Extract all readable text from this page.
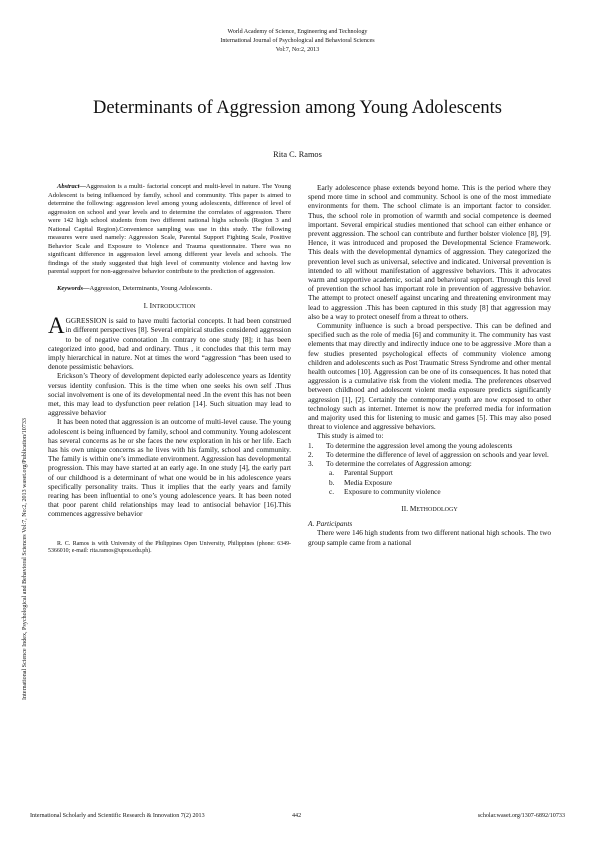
World Academy of Science, Engineering and Technology
International Journal of Psychological and Behavioral Sciences
Vol:7, No:2, 2013
Determinants of Aggression among Young Adolescents
Rita C. Ramos
International Science Index, Psychological and Behavioral Sciences Vol:7, No:2, 2013 waset.org/Publication/10733

Abstract—Aggression is a multi- factorial concept and multi-level in nature. The Young Adolescent is being influenced by family, school and community. This paper is aimed to determine the following: aggression level among young adolescents, difference of level of aggression on school and year levels and to determine the correlates of aggression. There were 142 high school students from two different national highs schools (Region 3 and National Capital Region).Convenience sampling was use in this study. The following measures were used namely: Aggression Scale, Parental Support Fighting Scale, Positive Behavior Scale and Exposure to Violence and Trauma questionnaire. There was no significant difference in aggression level among different year levels and schools. The findings of the study suggested that high level of community violence and having low parental support for non-aggressive behavior contribute to the prediction of aggression.

Keywords—Aggression, Determinants, Young Adolescents.

I. INTRODUCTION

AGGRESSION is said to have multi factorial concepts. It had been construed in different perspectives [8]. Several empirical studies considered aggression to be of negative connotation .In contrary to one study [8]; it has been categorized into good, bad and ordinary. Thus , it concludes that this term may imply hierarchical in nature. Not at times the word “aggression “has been used to denote pessimistic behaviors.

Erickson’s Theory of development depicted early adolescence years as Identity versus identity confusion. This is the time when one seeks his own self .Thus social involvement is one of its developmental need .In the event this has not been met, this may lead to dysfunction peer relation [14]. Such situation may lead to aggressive behavior

It has been noted that aggression is an outcome of multi-level cause. The young adolescent is being influenced by family, school and community. Young adolescent has several concerns as he or she faces the new exploration in his or her life. Each has his own unique concerns as he lives with his family, school and community. The family is within one’s immediate environment. Aggression has developmental progression. This may have started at an early age. In one study [4], the early part of our childhood is a determinant of what one would be in his adolescence years specifically personality traits. Thus it implies that the early years and family rearing has been influential to one’s young adolescence years. It has been noted that poor parent child relationships may lead to antisocial behavior [16].This commences aggressive behavior

R. C. Ramos is with University of the Philippines Open University, Philippines (phone: 6349-5366010; e-mail: rita.ramos@upou.edu.ph).

Early adolescence phase extends beyond home. This is the period where they spend more time in school and community. School is one of the most immediate environments for them. The school climate is an important factor to consider. Thus, the school role in promotion of warmth and social competence is deemed important. Several empirical studies mentioned that school can either enhance or prevent aggression. The school can contribute and further bolster violence [8], [9]. Hence, it was introduced and proposed the Developmental Science Framework. This deals with the developmental dynamics of aggression. They categorized the prevention level such as universal, selective and indicated. Universal prevention is intended to all without manifestation of aggressive behaviors. This it advocates warm and supportive academic, social and behavioral support. Through this level of prevention the school has important role in prevention of aggressive behavior. The attempt to protect oneself against uncaring and threatening environment may lead to aggression .This has been captured in this study [8] that aggression may also be a way to protect oneself from a threat to others.

Community influence is such a broad perspective. This can be defined and specified such as the role of media [6] and community it. The community has vast elements that may directly and indirectly induce one to be aggressive .More than a few studies presented psychological effects of community violence among children and adolescents such as Post Traumatic Stress Syndrome and other mental health outcomes [10]. Aggression can be one of its consequences. It has noted that aggression is a cumulative risk from the violent media. The preferences observed between childhood and adolescent violent media exposure predicts significantly aggression [1], [2]. Certainly the contemporary youth are now exposed to other technology such as internet. Internet is now the preferred media for information and majority used this for listening to music and games [5]. This may also posed threat to violence and aggressive behaviors.

This study is aimed to:

1. To determine the aggression level among the young adolescents
2. To determine the difference of level of aggression on schools and year level.
3. To determine the correlates of Aggression among:
a. Parental Support
b. Media Exposure
c. Exposure to community violence

II. METHODOLOGY

A. Participants

There were 146 high students from two different national high schools. The two group sample came from a national

International Scholarly and Scientific Research & Innovation 7(2) 2013	442	scholar.waset.org/1307-6892/10733
